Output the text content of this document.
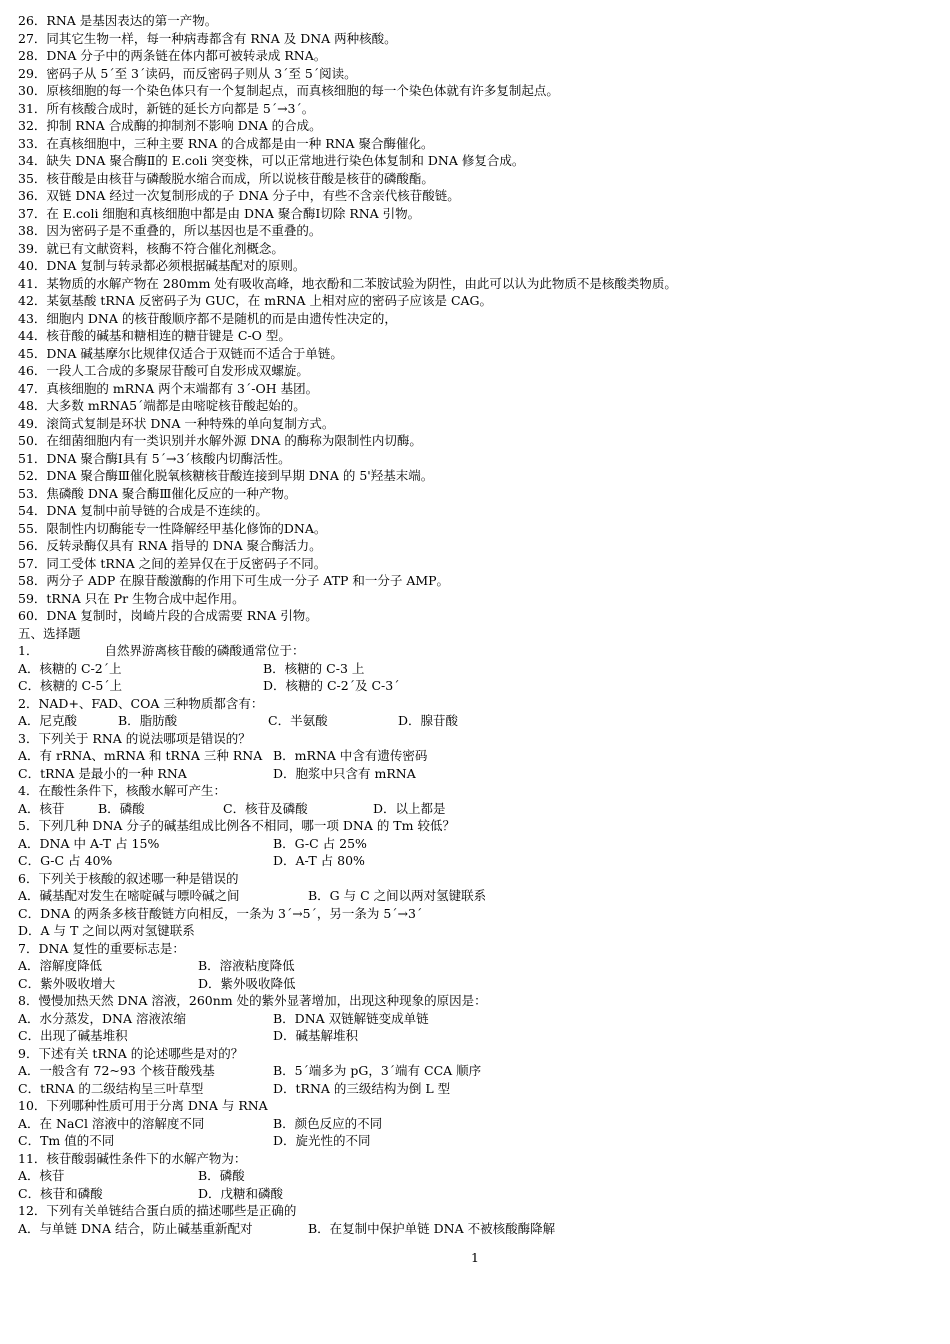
26．RNA 是基因表达的第一产物。
27．同其它生物一样，每一种病毒都含有 RNA 及 DNA 两种核酸。
28．DNA 分子中的两条链在体内都可被转录成 RNA。
29．密码子从 5´至 3´读码，而反密码子则从 3´至 5´阅读。
30．原核细胞的每一个染色体只有一个复制起点，而真核细胞的每一个染色体就有许多复制起点。
31．所有核酸合成时，新链的延长方向都是 5´→3´。
32．抑制 RNA 合成酶的抑制剂不影响 DNA 的合成。
33．在真核细胞中，三种主要 RNA 的合成都是由一种 RNA 聚合酶催化。
34．缺失 DNA 聚合酶Ⅱ的 E.coli 突变株，可以正常地进行染色体复制和 DNA 修复合成。
35．核苷酸是由核苷与磷酸脱水缩合而成，所以说核苷酸是核苷的磷酸酯。
36．双链 DNA 经过一次复制形成的子 DNA 分子中，有些不含亲代核苷酸链。
37．在 E.coli 细胞和真核细胞中都是由 DNA 聚合酶Ⅰ切除 RNA 引物。
38．因为密码子是不重叠的，所以基因也是不重叠的。
39．就已有文献资料，核酶不符合催化剂概念。
40．DNA 复制与转录都必须根据碱基配对的原则。
41．某物质的水解产物在 280mm 处有吸收高峰，地衣酚和二苯胺试验为阴性，由此可以认为此物质不是核酸类物质。
42．某氨基酸 tRNA 反密码子为 GUC，在 mRNA 上相对应的密码子应该是 CAG。
43．细胞内 DNA 的核苷酸顺序都不是随机的而是由遗传性决定的，
44．核苷酸的碱基和糖相连的糖苷键是 C-O 型。
45．DNA 碱基摩尔比规律仅适合于双链而不适合于单链。
46．一段人工合成的多聚尿苷酸可自发形成双螺旋。
47．真核细胞的 mRNA 两个末端都有 3´-OH 基团。
48．大多数 mRNA5´端都是由嘧啶核苷酸起始的。
49．滚筒式复制是环状 DNA 一种特殊的单向复制方式。
50．在细菌细胞内有一类识别并水解外源 DNA 的酶称为限制性内切酶。
51．DNA 聚合酶Ⅰ具有 5´→3´核酸内切酶活性。
52．DNA 聚合酶Ⅲ催化脱氧核糖核苷酸连接到早期 DNA 的 5'羟基末端。
53．焦磷酸 DNA 聚合酶Ⅲ催化反应的一种产物。
54．DNA 复制中前导链的合成是不连续的。
55．限制性内切酶能专一性降解经甲基化修饰的DNA。
56．反转录酶仅具有 RNA 指导的 DNA 聚合酶活力。
57．同工受体 tRNA 之间的差异仅在于反密码子不同。
58．两分子 ADP 在腺苷酸激酶的作用下可生成一分子 ATP 和一分子 AMP。
59．tRNA 只在 Pr 生物合成中起作用。
60．DNA 复制时，岗崎片段的合成需要 RNA 引物。
五、选择题
1．	自然界游离核苷酸的磷酸通常位于：
A．核糖的 C-2´上	B．核糖的 C-3 上
C．核糖的 C-5´上	D．核糖的 C-2´及 C-3´
2．NAD+、FAD、COA 三种物质都含有：
A．尼克酸	B．脂肪酸	C．半氨酸	D．腺苷酸
3．下列关于 RNA 的说法哪项是错误的？
A．有 rRNA、mRNA 和 tRNA 三种 RNA B．mRNA 中含有遗传密码
C．tRNA 是最小的一种 RNA	D．胞浆中只含有 mRNA
4．在酸性条件下，核酸水解可产生：
A．核苷	B．磷酸	C．核苷及磷酸	D．以上都是
5．下列几种 DNA 分子的碱基组成比例各不相同，哪一项 DNA 的 Tm 较低？
A．DNA 中 A-T 占 15%	B．G-C 占 25%
C．G-C 占 40%	D．A-T 占 80%
6．下列关于核酸的叙述哪一种是错误的
A．碱基配对发生在嘧啶碱与嘌呤碱之间	B．G 与 C 之间以两对氢键联系
C．DNA 的两条多核苷酸链方向相反，一条为 3´→5´，另一条为 5´→3´
D．A 与 T 之间以两对氢键联系
7．DNA 复性的重要标志是：
A．溶解度降低	B．溶液粘度降低
C．紫外吸收增大	D．紫外吸收降低
8．慢慢加热天然 DNA 溶液，260nm 处的紫外显著增加，出现这种现象的原因是：
A．水分蒸发，DNA 溶液浓缩	B．DNA 双链解链变成单链
C．出现了碱基堆积	D．碱基解堆积
9．下述有关 tRNA 的论述哪些是对的？
A．一般含有 72~93 个核苷酸残基	B．5´端多为 pG，3´端有 CCA 顺序
C．tRNA 的二级结构呈三叶草型	D．tRNA 的三级结构为倒 L 型
10．下列哪种性质可用于分离 DNA 与 RNA
A．在 NaCl 溶液中的溶解度不同	B．颜色反应的不同
C．Tm 值的不同	D．旋光性的不同
11．核苷酸弱碱性条件下的水解产物为：
A．核苷	B．磷酸
C．核苷和磷酸	D．戊糖和磷酸
12．下列有关单链结合蛋白质的描述哪些是正确的
A．与单链 DNA 结合，防止碱基重新配对	B．在复制中保护单链 DNA 不被核酸酶降解
1
